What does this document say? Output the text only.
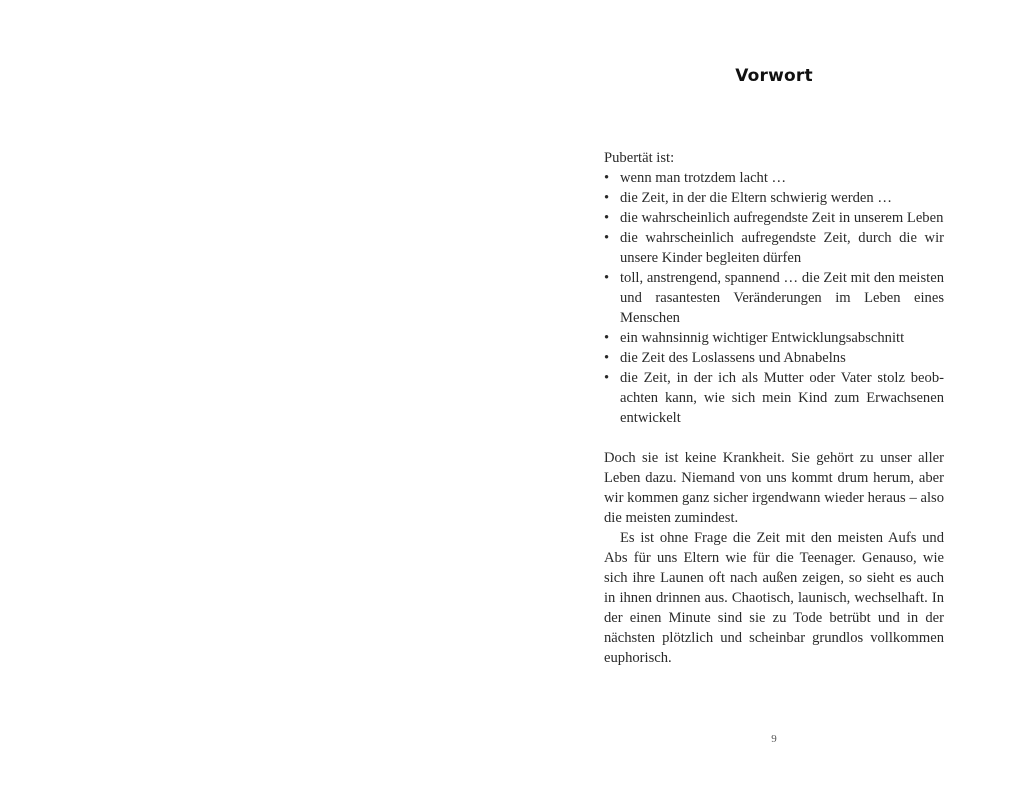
Vorwort

Pubertät ist:

• wenn man trotzdem lacht …
• die Zeit, in der die Eltern schwierig werden …
• die wahrscheinlich aufregendste Zeit in unserem Leben
• die wahrscheinlich aufregendste Zeit, durch die wir unsere Kinder begleiten dürfen
• toll, anstrengend, spannend … die Zeit mit den meisten und rasantesten Veränderungen im Leben eines Menschen
• ein wahnsinnig wichtiger Entwicklungsabschnitt
• die Zeit des Loslassens und Abnabelns
• die Zeit, in der ich als Mutter oder Vater stolz beobachten kann, wie sich mein Kind zum Erwachsenen entwickelt

Doch sie ist keine Krankheit. Sie gehört zu unser aller Leben dazu. Niemand von uns kommt drum herum, aber wir kommen ganz sicher irgendwann wieder heraus – also die meisten zumindest.

Es ist ohne Frage die Zeit mit den meisten Aufs und Abs für uns Eltern wie für die Teenager. Genauso, wie sich ihre Launen oft nach außen zeigen, so sieht es auch in ihnen drinnen aus. Chaotisch, launisch, wechselhaft. In der einen Minute sind sie zu Tode betrübt und in der nächsten plötzlich und scheinbar grundlos vollkommen euphorisch.

9
